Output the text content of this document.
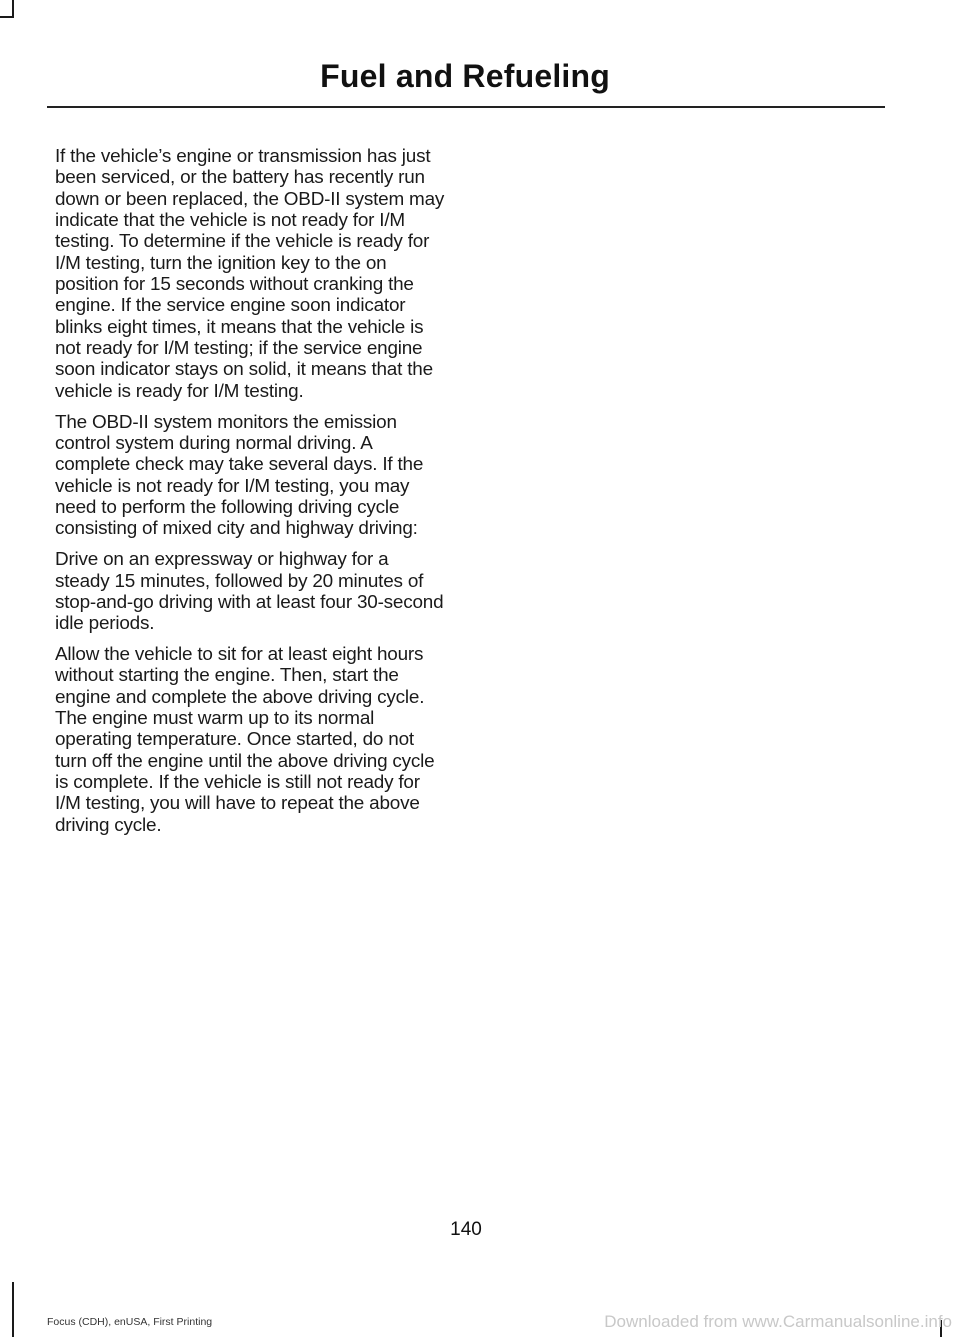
Fuel and Refueling

If the vehicle’s engine or transmission has just been serviced, or the battery has recently run down or been replaced, the OBD-II system may indicate that the vehicle is not ready for I/M testing. To determine if the vehicle is ready for I/M testing, turn the ignition key to the on position for 15 seconds without cranking the engine. If the service engine soon indicator blinks eight times, it means that the vehicle is not ready for I/M testing; if the service engine soon indicator stays on solid, it means that the vehicle is ready for I/M testing.

The OBD-II system monitors the emission control system during normal driving. A complete check may take several days. If the vehicle is not ready for I/M testing, you may need to perform the following driving cycle consisting of mixed city and highway driving:

Drive on an expressway or highway for a steady 15 minutes, followed by 20 minutes of stop-and-go driving with at least four 30-second idle periods.

Allow the vehicle to sit for at least eight hours without starting the engine. Then, start the engine and complete the above driving cycle. The engine must warm up to its normal operating temperature. Once started, do not turn off the engine until the above driving cycle is complete. If the vehicle is still not ready for I/M testing, you will have to repeat the above driving cycle.

140
Focus (CDH), enUSA, First Printing	Downloaded from www.Carmanualsonline.info
